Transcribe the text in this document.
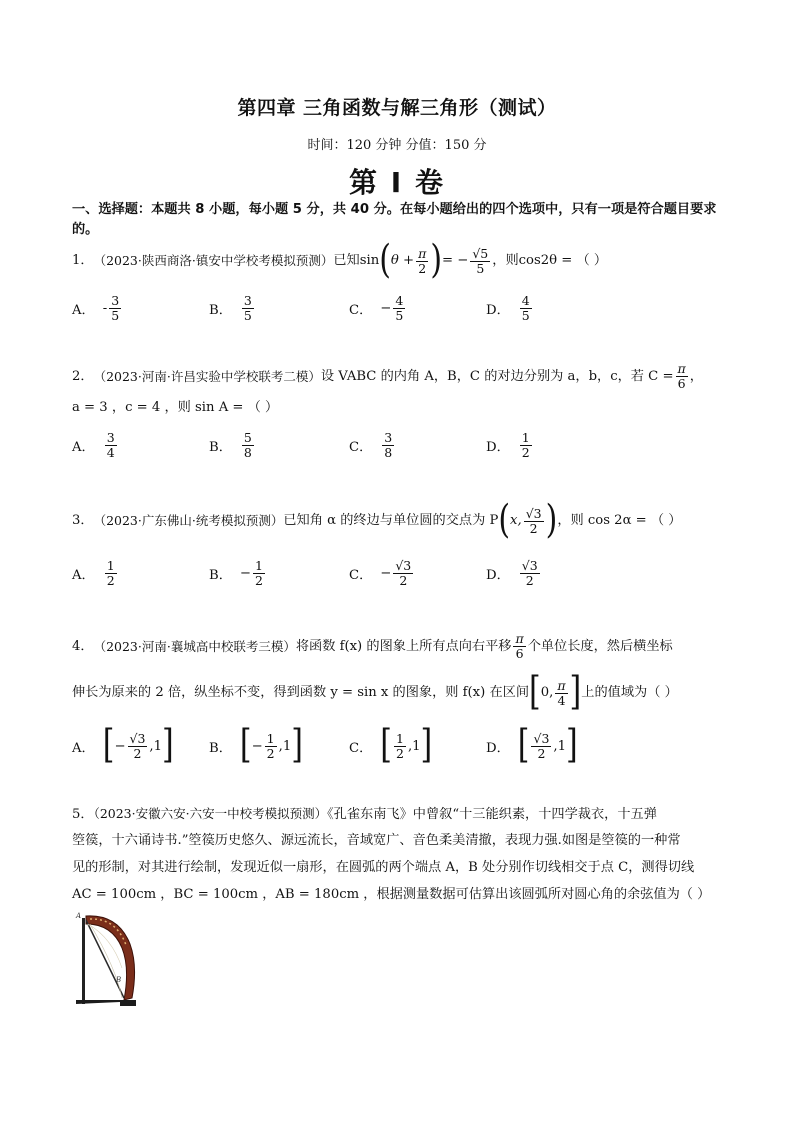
第四章 三角函数与解三角形（测试）
时间：120 分钟 分值：150 分
第 I 卷
一、选择题：本题共 8 小题，每小题 5 分，共 40 分。在每小题给出的四个选项中，只有一项是符合题目要求的。
1． （2023·陕西商洛·镇安中学校考模拟预测） 已知 sin ( $\theta + \frac{\pi}{2}$ ) = − $\frac{√5}{5}$ ，则 cos2θ = （ ）
A． - $\frac{3}{5}$	B． $\frac{3}{5}$	C． − $\frac{4}{5}$	D． $\frac{4}{5}$
2． （2023·河南·许昌实验中学校联考二模） 设 VABC 的内角 A，B，C 的对边分别为 a，b，c，若 $C = \frac{\pi}{6}$ ，
a = 3 ，c = 4 ，则 sin A = （ ）
A． $\frac{3}{4}$	B． $\frac{5}{8}$	C． $\frac{3}{8}$	D． $\frac{1}{2}$
3． （2023·广东佛山·统考模拟预测） 已知角 α 的终边与单位圆的交点为 P ( x, $\frac{√3}{2}$ ) ，则 cos 2α = （ ）
A． $\frac{1}{2}$	B． − $\frac{1}{2}$	C． − $\frac{√3}{2}$	D． $\frac{√3}{2}$
4． （2023·河南·襄城高中校联考三模） 将函数 f(x) 的图象上所有点向右平移 $\frac{\pi}{6}$ 个单位长度，然后横坐标
伸长为原来的 2 倍，纵坐标不变，得到函数 y = sin x 的图象，则 f(x) 在区间 [ 0, $\frac{\pi}{4}$ ] 上的值域为（ ）
A． [ − $\frac{√3}{2} ,1$ ]	B． [ − $\frac{1}{2} ,1$ ]	C． [ $\frac{1}{2} ,1$ ]	D． [ $\frac{√3}{2} ,1$ ]
5．（2023·安徽六安·六安一中校考模拟预测）《孔雀东南飞》中曾叙“十三能织素，十四学裁衣，十五弹
箜篌，十六诵诗书.”箜篌历史悠久、源远流长，音域宽广、音色柔美清撤，表现力强.如图是箜篌的一种常
见的形制，对其进行绘制，发现近似一扇形，在圆弧的两个端点 A，B 处分别作切线相交于点 C，测得切线
AC = 100cm ，BC = 100cm ，AB = 180cm ，根据测量数据可估算出该圆弧所对圆心角的余弦值为（ ）
A
B
